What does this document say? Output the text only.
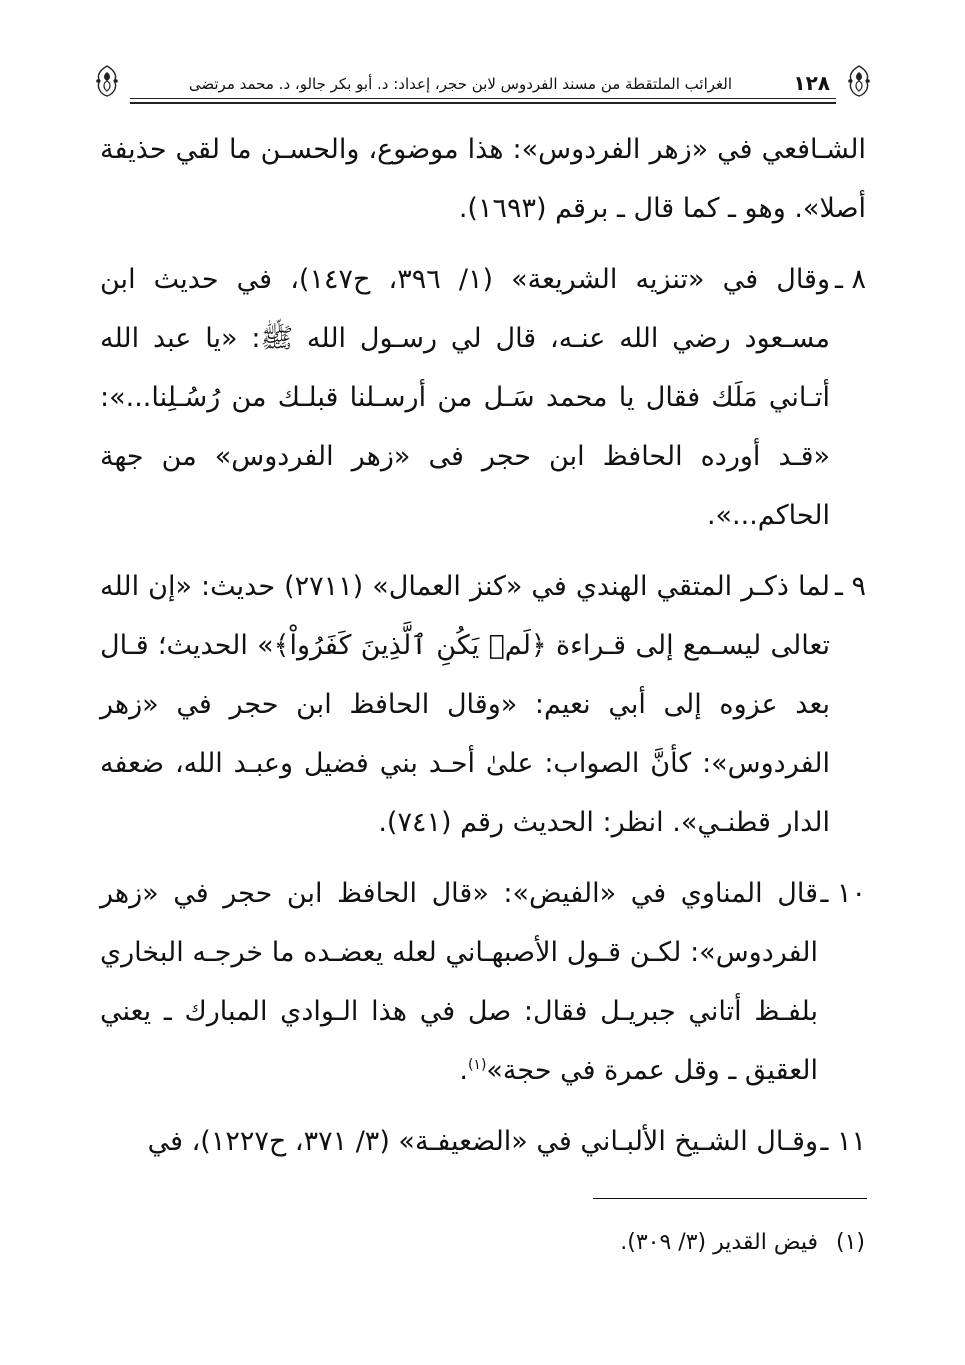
١٢٨
الغرائب الملتقطة من مسند الفردوس لابن حجر، إعداد: د. أبو بكر جالو، د. محمد مرتضى

الشـافعي في «زهر الفردوس»: هذا موضوع، والحسـن ما لقي حذيفة أصلا». وهو ـ كما قال ـ برقم (١٦٩٣).

٨ ـ
وقال في «تنزيه الشريعة» (١/ ٣٩٦، ح١٤٧)، في حديث ابن مسـعود رضي الله عنـه، قال لي رسـول الله ﷺ: «يا عبد الله أتـاني مَلَك فقال يا محمد سَـل من أرسـلنا قبلـك من رُسُـلِنا...»: «قـد أورده الحافظ ابن حجر فى «زهر الفردوس» من جهة الحاكم...».
٩ ـ
لما ذكـر المتقي الهندي في «كنز العمال» (٢٧١١) حديث: «إن الله تعالى ليسـمع إلى قـراءة ﴿لَمۡ يَكُنِ ٱلَّذِينَ كَفَرُواْ﴾» الحديث؛ قـال بعد عزوه إلى أبي نعيم: «وقال الحافظ ابن حجر في «زهر الفردوس»: كأنَّ الصواب: علىٰ أحـد بني فضيل وعبـد الله، ضعفه الدار قطنـي». انظر: الحديث رقم (٧٤١).
١٠ ـ
قال المناوي في «الفيض»: «قال الحافظ ابن حجر في «زهر الفردوس»: لكـن قـول الأصبهـاني لعله يعضـده ما خرجـه البخاري بلفـظ أتاني جبريـل فقال: صل في هذا الـوادي المبارك ـ يعني العقيق ـ وقل عمرة في حجة»$^{(١)}$.
١١ ـ
وقـال الشـيخ الألبـاني في «الضعيفـة» (٣/ ٣٧١، ح١٢٢٧)، في
(١)فيض القدير (٣/ ٣٠٩).
